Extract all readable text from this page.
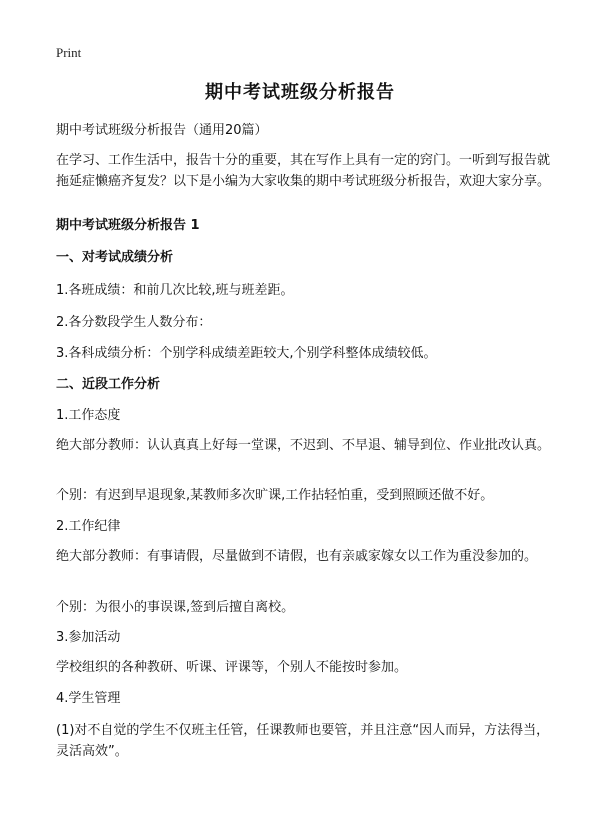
Print
期中考试班级分析报告
期中考试班级分析报告（通用20篇）
在学习、工作生活中，报告十分的重要，其在写作上具有一定的窍门。一听到写报告就拖延症懒癌齐复发？以下是小编为大家收集的期中考试班级分析报告，欢迎大家分享。
期中考试班级分析报告 1
一、对考试成绩分析
1.各班成绩：和前几次比较,班与班差距。
2.各分数段学生人数分布：
3.各科成绩分析：个别学科成绩差距较大,个别学科整体成绩较低。
二、近段工作分析
1.工作态度
绝大部分教师：认认真真上好每一堂课，不迟到、不早退、辅导到位、作业批改认真。
个别：有迟到早退现象,某教师多次旷课,工作拈轻怕重，受到照顾还做不好。
2.工作纪律
绝大部分教师：有事请假，尽量做到不请假，也有亲戚家嫁女以工作为重没参加的。
个别：为很小的事误课,签到后擅自离校。
3.参加活动
学校组织的各种教研、听课、评课等，个别人不能按时参加。
4.学生管理
(1)对不自觉的学生不仅班主任管，任课教师也要管，并且注意“因人而异，方法得当，灵活高效”。
